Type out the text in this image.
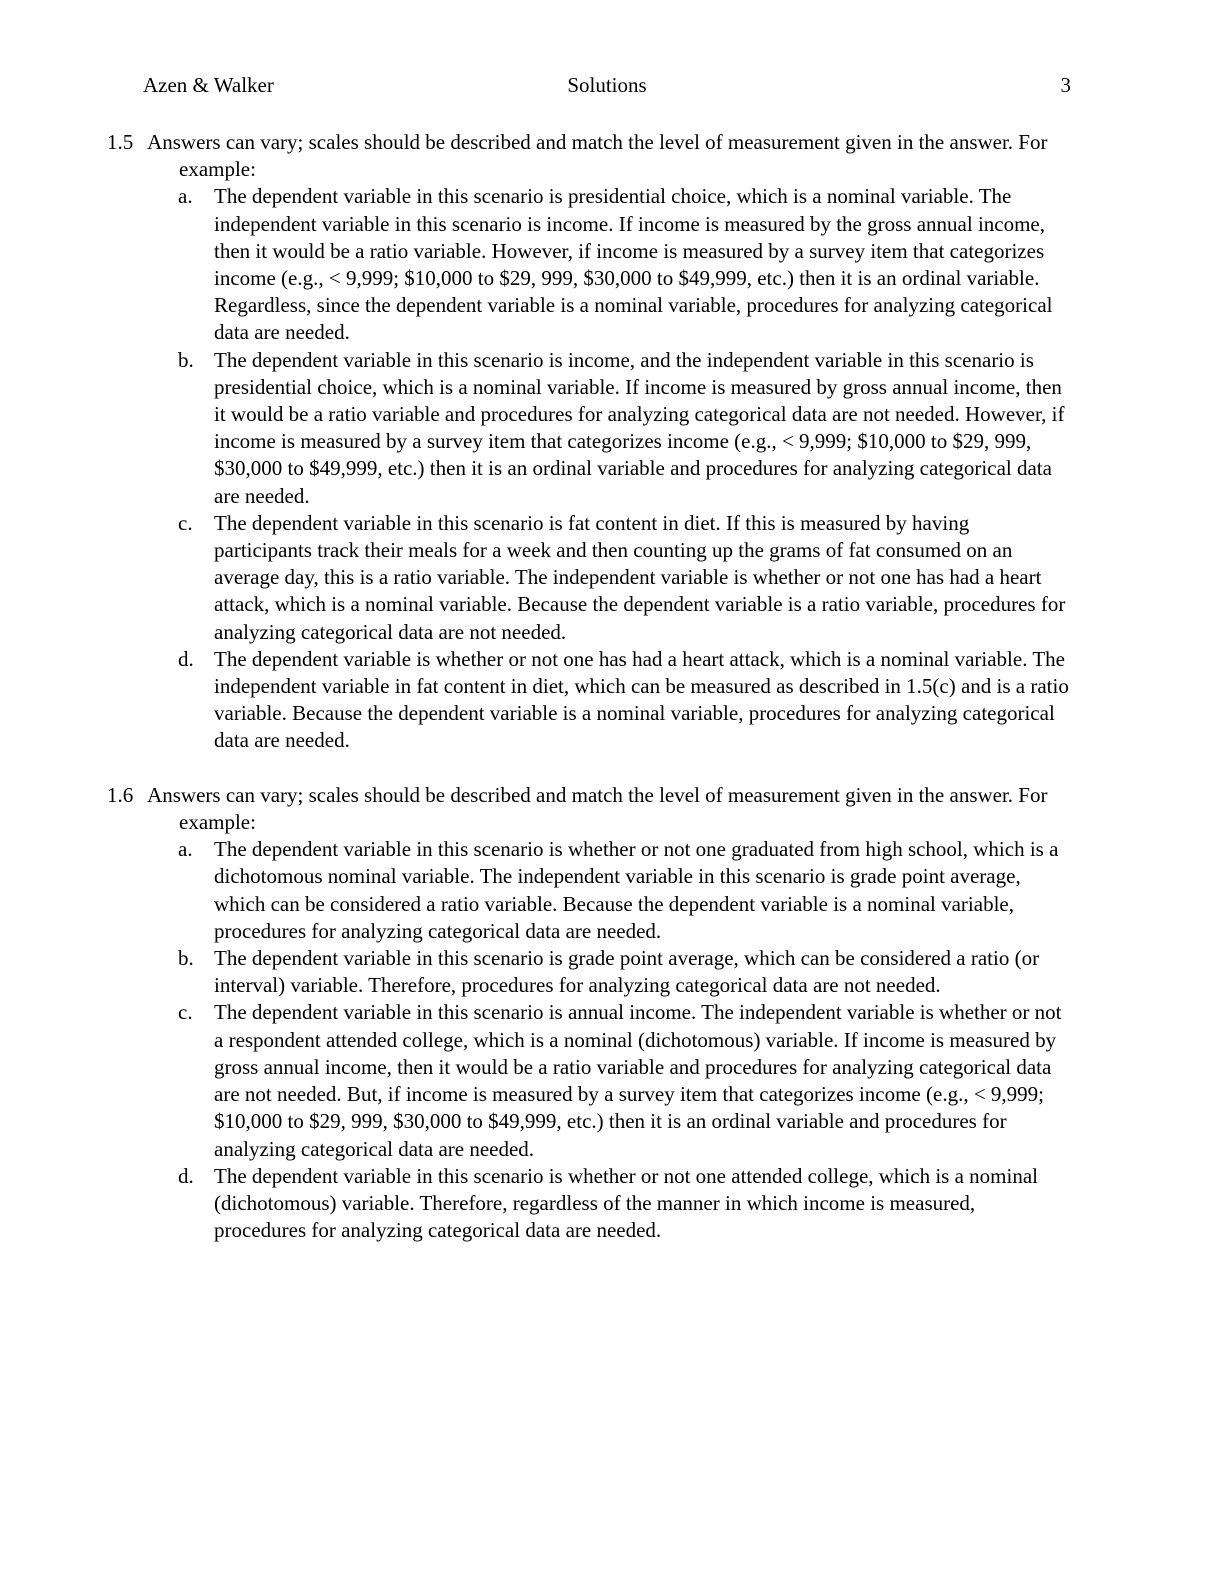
Azen & Walker	Solutions	3
1.5 Answers can vary; scales should be described and match the level of measurement given in the answer. For example:
a. The dependent variable in this scenario is presidential choice, which is a nominal variable. The independent variable in this scenario is income. If income is measured by the gross annual income, then it would be a ratio variable. However, if income is measured by a survey item that categorizes income (e.g., < 9,999; $10,000 to $29, 999, $30,000 to $49,999, etc.) then it is an ordinal variable. Regardless, since the dependent variable is a nominal variable, procedures for analyzing categorical data are needed.
b. The dependent variable in this scenario is income, and the independent variable in this scenario is presidential choice, which is a nominal variable. If income is measured by gross annual income, then it would be a ratio variable and procedures for analyzing categorical data are not needed. However, if income is measured by a survey item that categorizes income (e.g., < 9,999; $10,000 to $29, 999, $30,000 to $49,999, etc.) then it is an ordinal variable and procedures for analyzing categorical data are needed.
c. The dependent variable in this scenario is fat content in diet. If this is measured by having participants track their meals for a week and then counting up the grams of fat consumed on an average day, this is a ratio variable. The independent variable is whether or not one has had a heart attack, which is a nominal variable. Because the dependent variable is a ratio variable, procedures for analyzing categorical data are not needed.
d. The dependent variable is whether or not one has had a heart attack, which is a nominal variable. The independent variable in fat content in diet, which can be measured as described in 1.5(c) and is a ratio variable. Because the dependent variable is a nominal variable, procedures for analyzing categorical data are needed.
1.6 Answers can vary; scales should be described and match the level of measurement given in the answer. For example:
a. The dependent variable in this scenario is whether or not one graduated from high school, which is a dichotomous nominal variable. The independent variable in this scenario is grade point average, which can be considered a ratio variable. Because the dependent variable is a nominal variable, procedures for analyzing categorical data are needed.
b. The dependent variable in this scenario is grade point average, which can be considered a ratio (or interval) variable. Therefore, procedures for analyzing categorical data are not needed.
c. The dependent variable in this scenario is annual income. The independent variable is whether or not a respondent attended college, which is a nominal (dichotomous) variable. If income is measured by gross annual income, then it would be a ratio variable and procedures for analyzing categorical data are not needed. But, if income is measured by a survey item that categorizes income (e.g., < 9,999; $10,000 to $29, 999, $30,000 to $49,999, etc.) then it is an ordinal variable and procedures for analyzing categorical data are needed.
d. The dependent variable in this scenario is whether or not one attended college, which is a nominal (dichotomous) variable. Therefore, regardless of the manner in which income is measured, procedures for analyzing categorical data are needed.
